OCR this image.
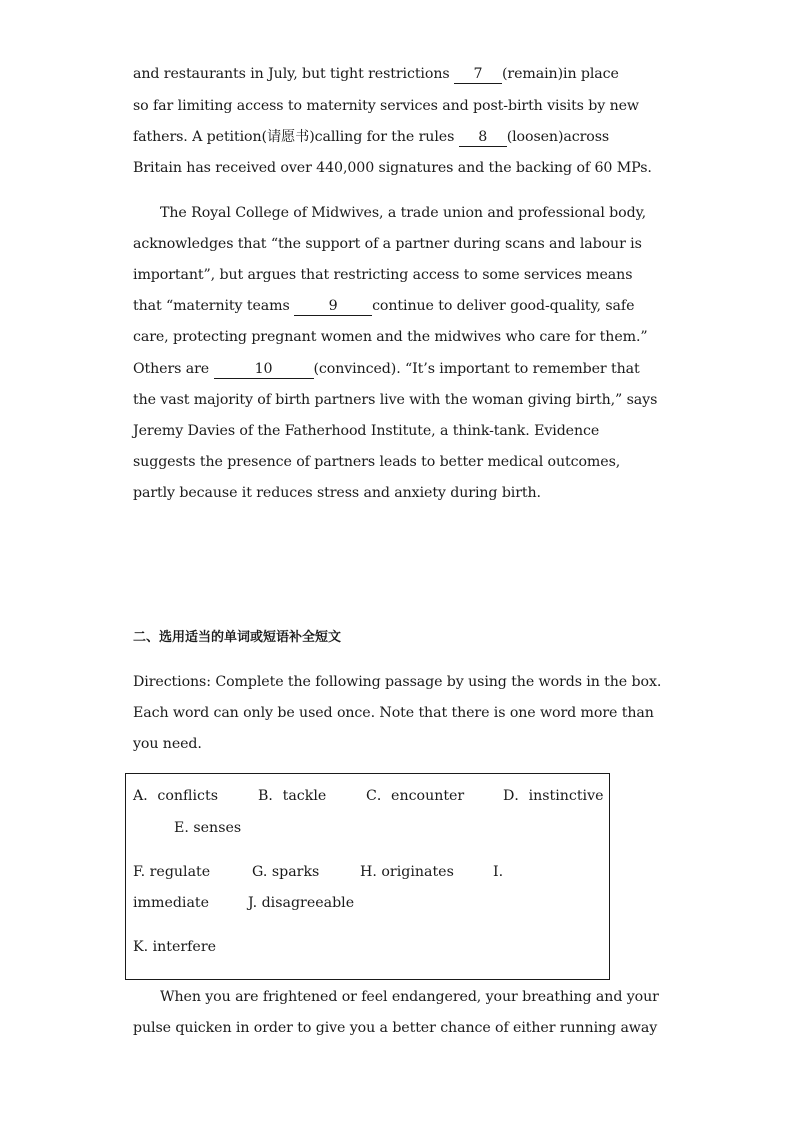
and restaurants in July, but tight restrictions 7 (remain)in place
so far limiting access to maternity services and post-birth visits by new
fathers. A petition(请愿书)calling for the rules 8 (loosen)across
Britain has received over 440,000 signatures and the backing of 60 MPs.
The Royal College of Midwives, a trade union and professional body,
acknowledges that “the support of a partner during scans and labour is
important”, but argues that restricting access to some services means
that “maternity teams	9 continue to deliver good-quality, safe
care, protecting pregnant women and the midwives who care for them.”
Others are	10	(convinced). “It’s important to remember that
the vast majority of birth partners live with the woman giving birth,” says
Jeremy Davies of the Fatherhood Institute, a think-tank. Evidence
suggests the presence of partners leads to better medical outcomes,
partly because it reduces stress and anxiety during birth.
二、选用适当的单词或短语补全短文
Directions: Complete the following passage by using the words in the box.
Each word can only be used once. Note that there is one word more than
you need.
A．conflicts	B．tackle	C．encounter	D．instinctive
E. senses
F. regulate	G. sparks	H. originates	I.
immediate	J. disagreeable
K. interfere
When you are frightened or feel endangered, your breathing and your
pulse quicken in order to give you a better chance of either running away
